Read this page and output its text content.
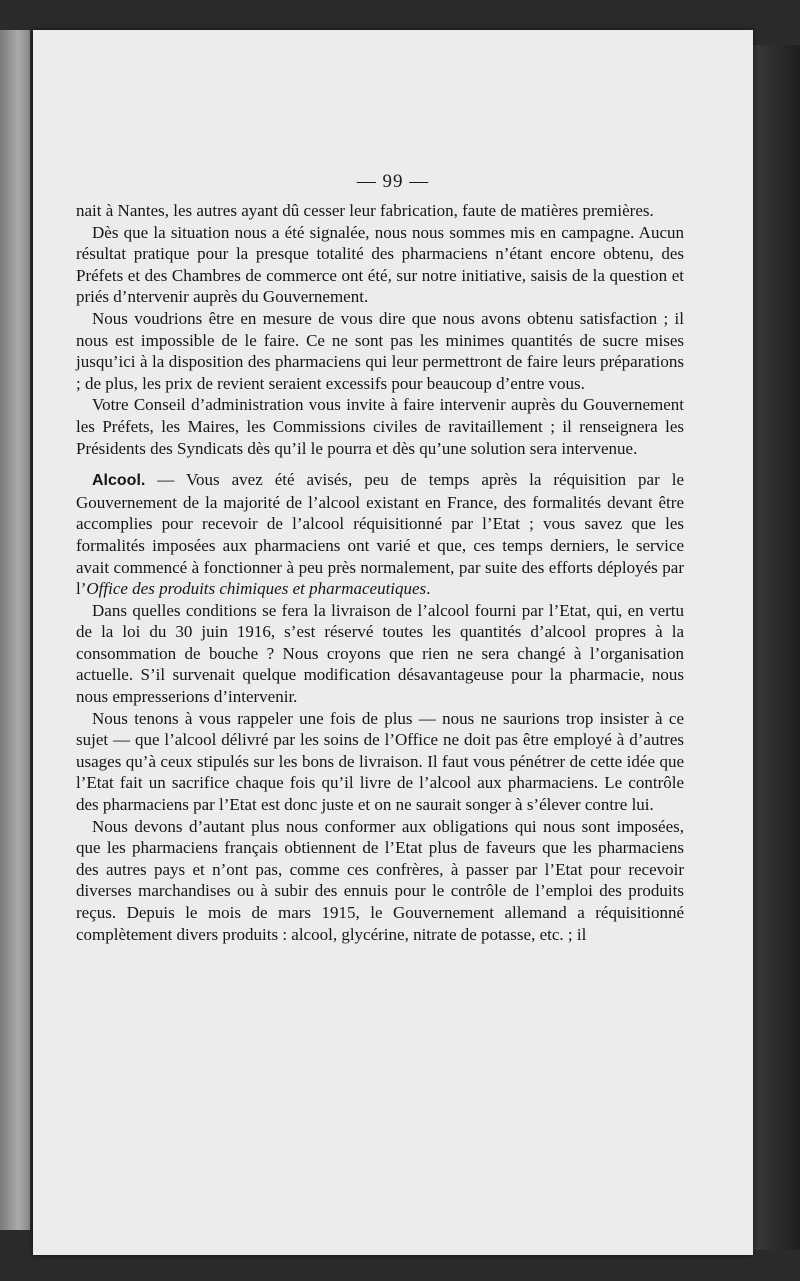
— 99 —

nait à Nantes, les autres ayant dû cesser leur fabrication, faute de matières premières.

Dès que la situation nous a été signalée, nous nous sommes mis en campagne. Aucun résultat pratique pour la presque totalité des pharmaciens n’étant encore obtenu, des Préfets et des Chambres de commerce ont été, sur notre initiative, saisis de la question et priés d’ntervenir auprès du Gouvernement.

Nous voudrions être en mesure de vous dire que nous avons obtenu satisfaction ; il nous est impossible de le faire. Ce ne sont pas les minimes quantités de sucre mises jusqu’ici à la disposition des pharmaciens qui leur permettront de faire leurs préparations ; de plus, les prix de revient seraient excessifs pour beaucoup d’entre vous.

Votre Conseil d’administration vous invite à faire intervenir auprès du Gouvernement les Préfets, les Maires, les Commissions civiles de ravitaillement ; il renseignera les Présidents des Syndicats dès qu’il le pourra et dès qu’une solution sera intervenue.

Alcool. — Vous avez été avisés, peu de temps après la réquisition par le Gouvernement de la majorité de l’alcool existant en France, des formalités devant être accomplies pour recevoir de l’alcool réquisitionné par l’Etat ; vous savez que les formalités imposées aux pharmaciens ont varié et que, ces temps derniers, le service avait commencé à fonctionner à peu près normalement, par suite des efforts déployés par l’Office des produits chimiques et pharmaceutiques.

Dans quelles conditions se fera la livraison de l’alcool fourni par l’Etat, qui, en vertu de la loi du 30 juin 1916, s’est réservé toutes les quantités d’alcool propres à la consommation de bouche ? Nous croyons que rien ne sera changé à l’organisation actuelle. S’il survenait quelque modification désavantageuse pour la pharmacie, nous nous empresserions d’intervenir.

Nous tenons à vous rappeler une fois de plus — nous ne saurions trop insister à ce sujet — que l’alcool délivré par les soins de l’Office ne doit pas être employé à d’autres usages qu’à ceux stipulés sur les bons de livraison. Il faut vous pénétrer de cette idée que l’Etat fait un sacrifice chaque fois qu’il livre de l’alcool aux pharmaciens. Le contrôle des pharmaciens par l’Etat est donc juste et on ne saurait songer à s’élever contre lui.

Nous devons d’autant plus nous conformer aux obligations qui nous sont imposées, que les pharmaciens français obtiennent de l’Etat plus de faveurs que les pharmaciens des autres pays et n’ont pas, comme ces confrères, à passer par l’Etat pour recevoir diverses marchandises ou à subir des ennuis pour le contrôle de l’emploi des produits reçus. Depuis le mois de mars 1915, le Gouvernement allemand a réquisitionné complètement divers produits : alcool, glycérine, nitrate de potasse, etc. ; il
